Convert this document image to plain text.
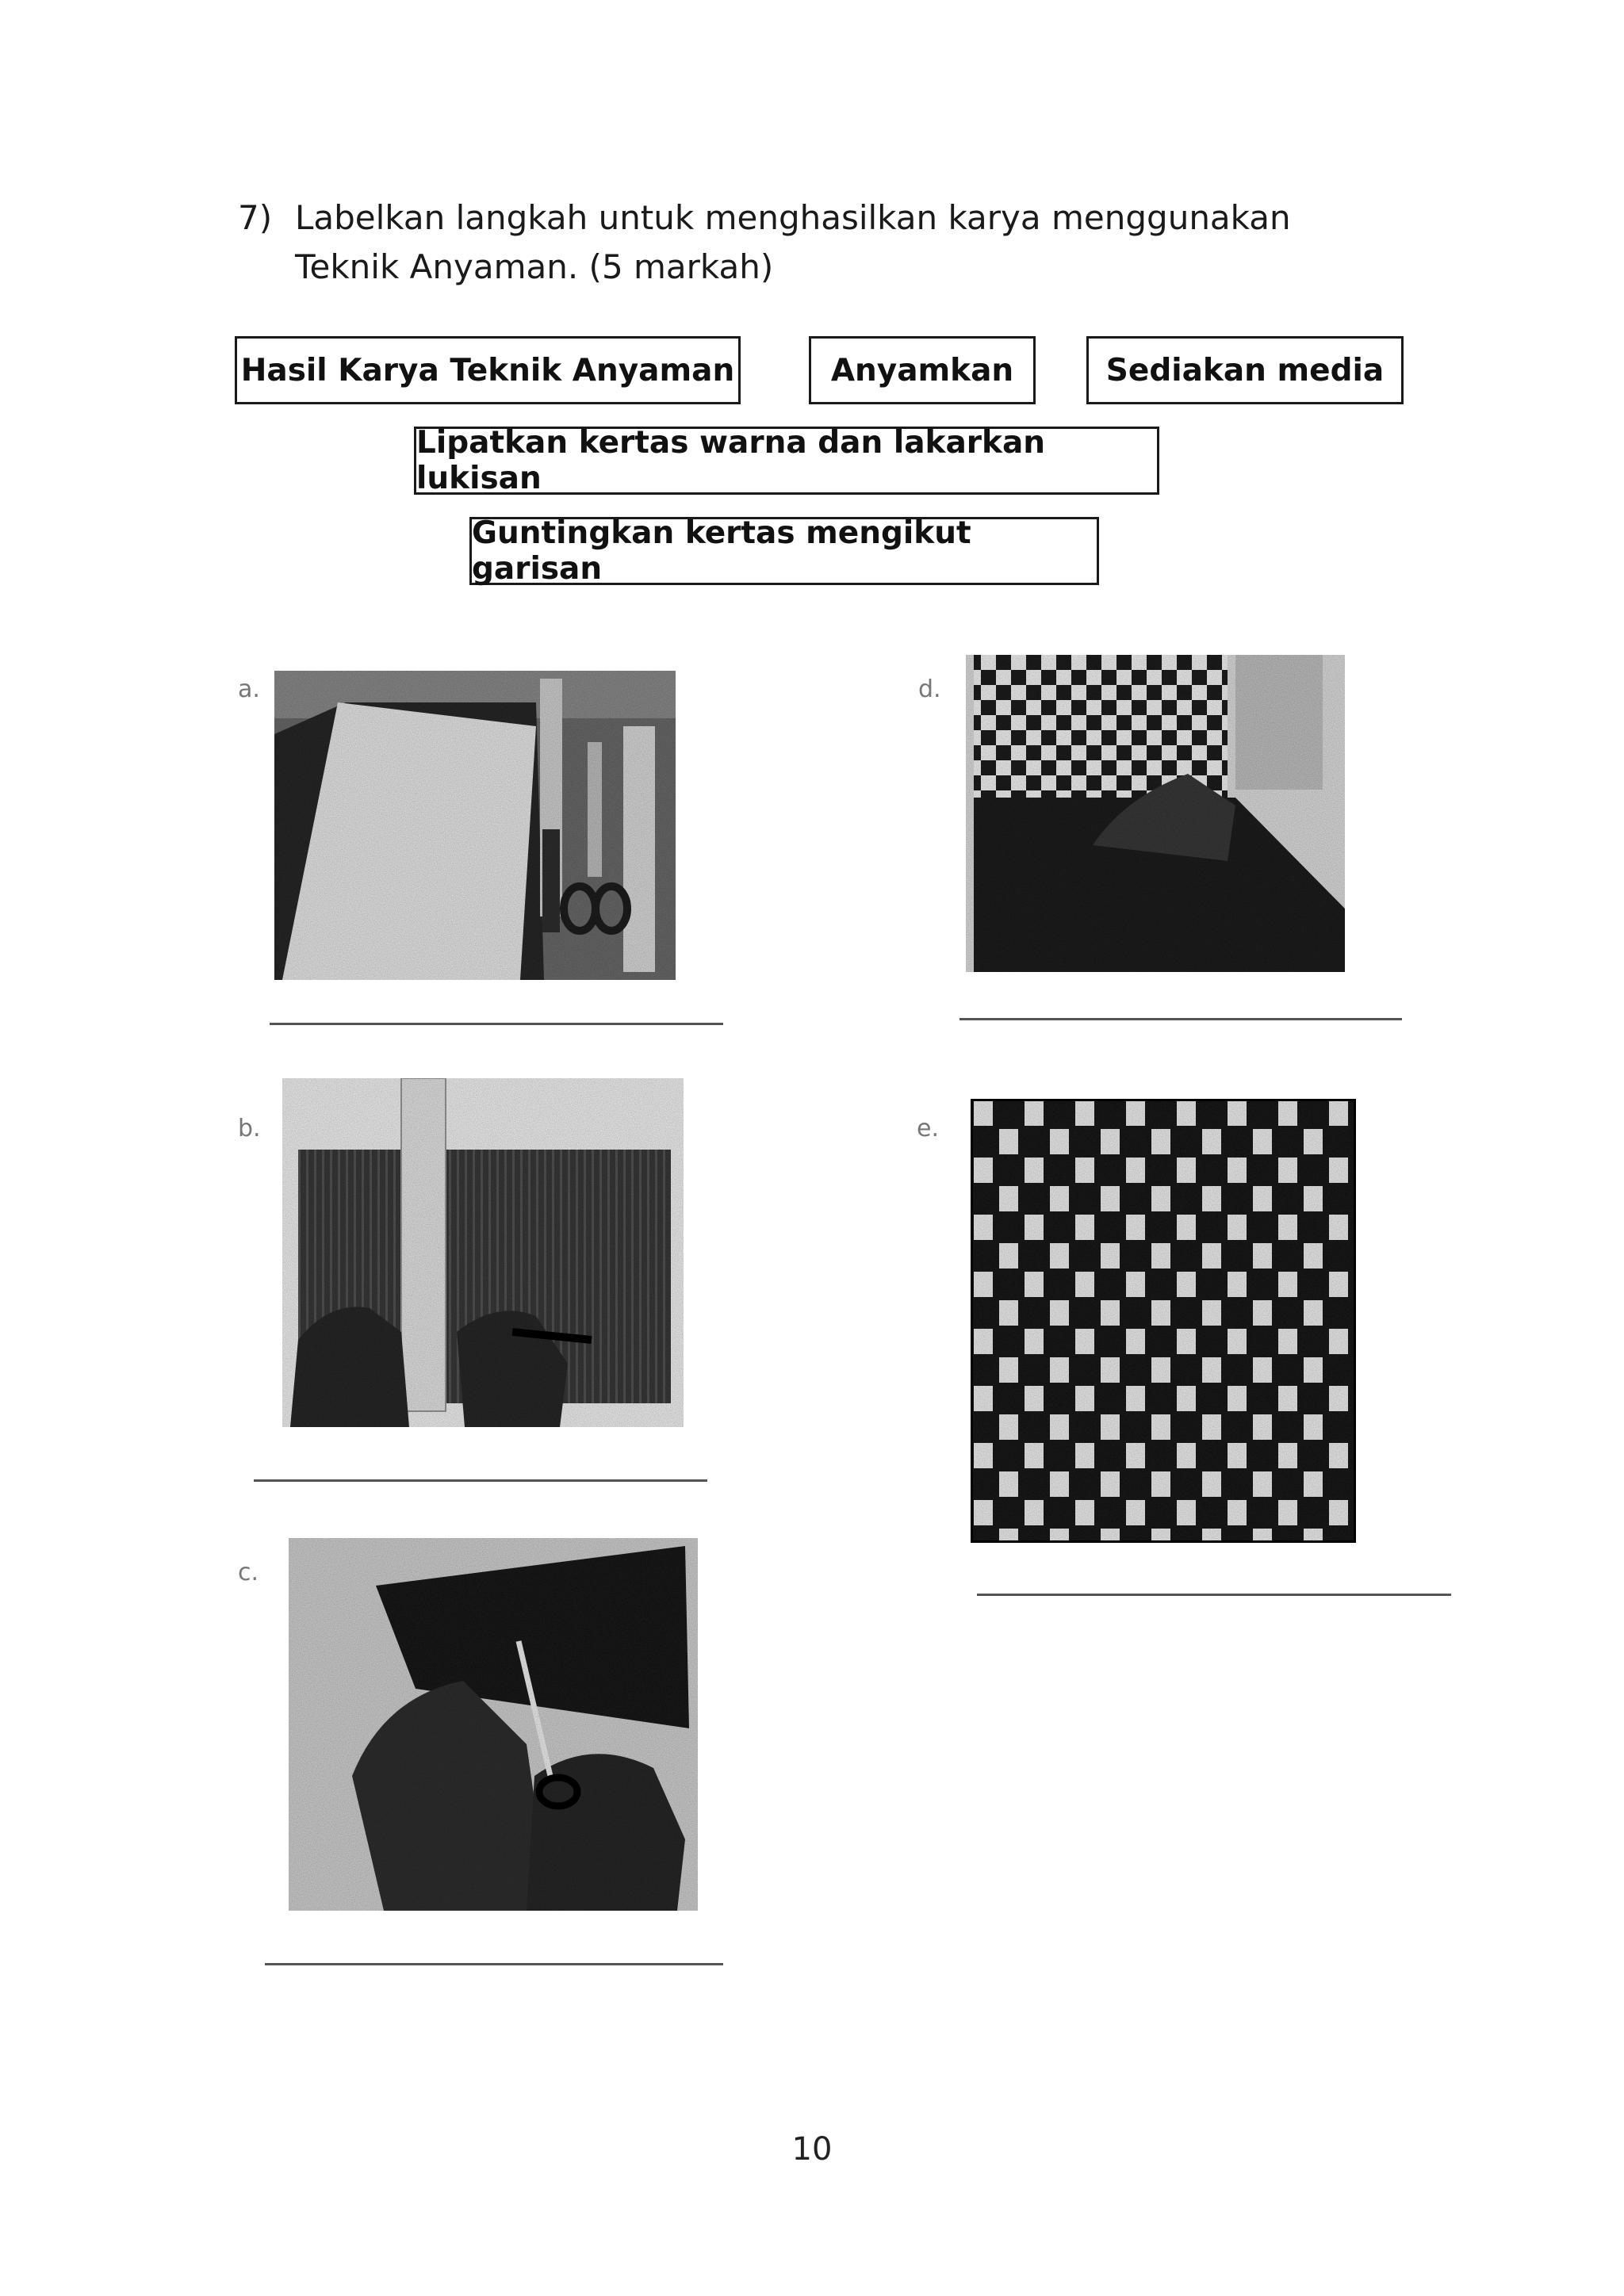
7) Labelkan langkah untuk menghasilkan karya menggunakan Teknik Anyaman. (5 markah)
Hasil Karya Teknik Anyaman	Anyamkan	Sediakan media
Lipatkan kertas warna dan lakarkan lukisan
Guntingkan kertas mengikut garisan
a.
b.
c.
d.
e.
10
